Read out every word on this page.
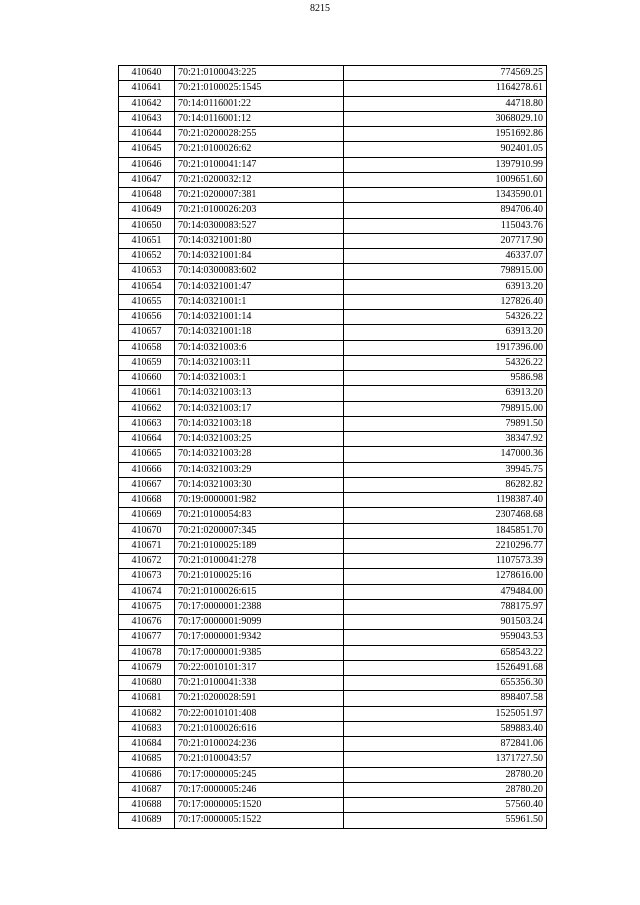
8215
410640	70:21:0100043:225	774569.25
410641	70:21:0100025:1545	1164278.61
410642	70:14:0116001:22	44718.80
410643	70:14:0116001:12	3068029.10
410644	70:21:0200028:255	1951692.86
410645	70:21:0100026:62	902401.05
410646	70:21:0100041:147	1397910.99
410647	70:21:0200032:12	1009651.60
410648	70:21:0200007:381	1343590.01
410649	70:21:0100026:203	894706.40
410650	70:14:0300083:527	115043.76
410651	70:14:0321001:80	207717.90
410652	70:14:0321001:84	46337.07
410653	70:14:0300083:602	798915.00
410654	70:14:0321001:47	63913.20
410655	70:14:0321001:1	127826.40
410656	70:14:0321001:14	54326.22
410657	70:14:0321001:18	63913.20
410658	70:14:0321003:6	1917396.00
410659	70:14:0321003:11	54326.22
410660	70:14:0321003:1	9586.98
410661	70:14:0321003:13	63913.20
410662	70:14:0321003:17	798915.00
410663	70:14:0321003:18	79891.50
410664	70:14:0321003:25	38347.92
410665	70:14:0321003:28	147000.36
410666	70:14:0321003:29	39945.75
410667	70:14:0321003:30	86282.82
410668	70:19:0000001:982	1198387.40
410669	70:21:0100054:83	2307468.68
410670	70:21:0200007:345	1845851.70
410671	70:21:0100025:189	2210296.77
410672	70:21:0100041:278	1107573.39
410673	70:21:0100025:16	1278616.00
410674	70:21:0100026:615	479484.00
410675	70:17:0000001:2388	788175.97
410676	70:17:0000001:9099	901503.24
410677	70:17:0000001:9342	959043.53
410678	70:17:0000001:9385	658543.22
410679	70:22:0010101:317	1526491.68
410680	70:21:0100041:338	655356.30
410681	70:21:0200028:591	898407.58
410682	70:22:0010101:408	1525051.97
410683	70:21:0100026:616	589883.40
410684	70:21:0100024:236	872841.06
410685	70:21:0100043:57	1371727.50
410686	70:17:0000005:245	28780.20
410687	70:17:0000005:246	28780.20
410688	70:17:0000005:1520	57560.40
410689	70:17:0000005:1522	55961.50
